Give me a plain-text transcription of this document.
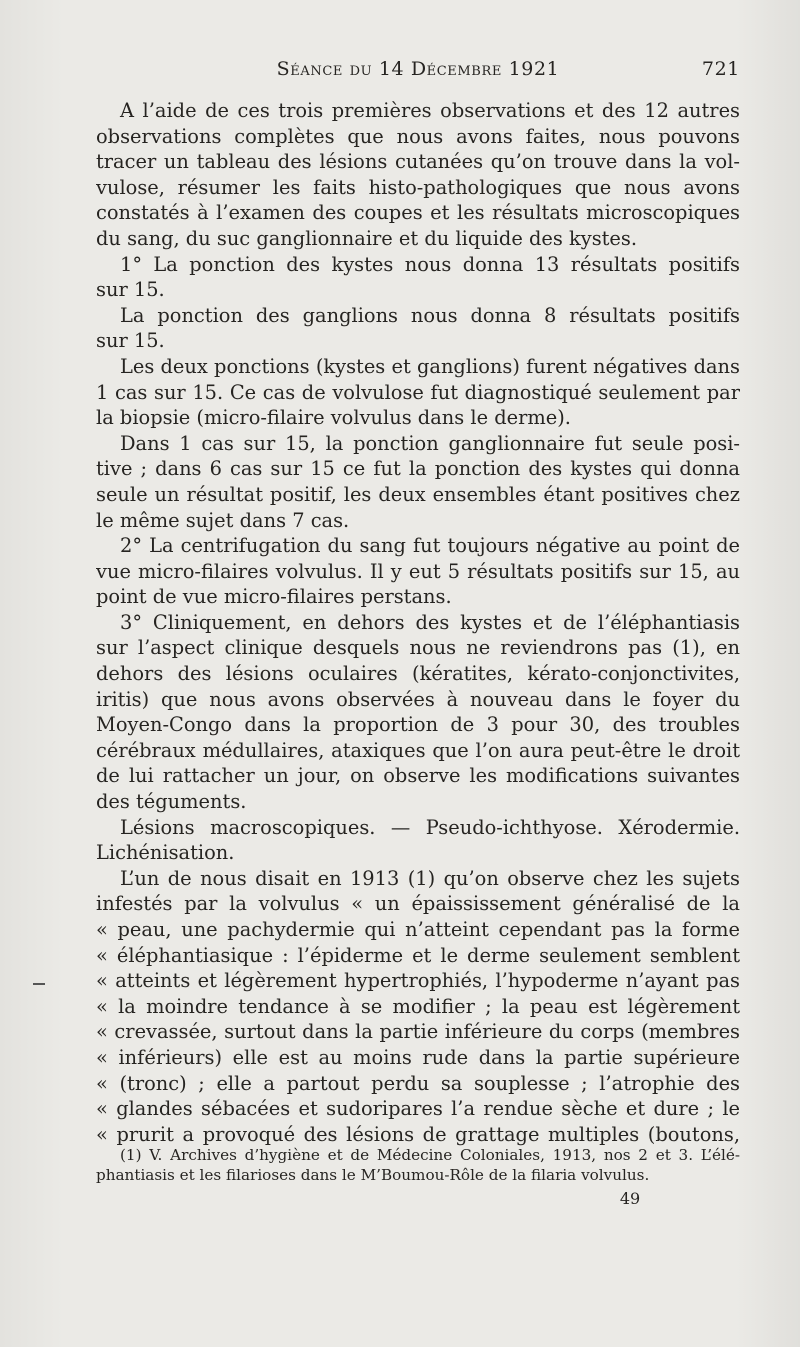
Séance du 14 Décembre 1921	721
A l’aide de ces trois premières observations et des 12 autres
observations complètes que nous avons faites, nous pouvons
tracer un tableau des lésions cutanées qu’on trouve dans la vol-
vulose, résumer les faits histo-pathologiques que nous avons
constatés à l’examen des coupes et les résultats microscopiques
du sang, du suc ganglionnaire et du liquide des kystes.
1° La ponction des kystes nous donna 13 résultats positifs
sur 15.
La ponction des ganglions nous donna 8 résultats positifs
sur 15.
Les deux ponctions (kystes et ganglions) furent négatives dans
1 cas sur 15. Ce cas de volvulose fut diagnostiqué seulement par
la biopsie (micro-filaire volvulus dans le derme).
Dans 1 cas sur 15, la ponction ganglionnaire fut seule posi-
tive ; dans 6 cas sur 15 ce fut la ponction des kystes qui donna
seule un résultat positif, les deux ensembles étant positives chez
le même sujet dans 7 cas.
2° La centrifugation du sang fut toujours négative au point de
vue micro-filaires volvulus. Il y eut 5 résultats positifs sur 15, au
point de vue micro-filaires perstans.
3° Cliniquement, en dehors des kystes et de l’éléphantiasis
sur l’aspect clinique desquels nous ne reviendrons pas (1), en
dehors des lésions oculaires (kératites, kérato-conjonctivites,
iritis) que nous avons observées à nouveau dans le foyer du
Moyen-Congo dans la proportion de 3 pour 30, des troubles
cérébraux médullaires, ataxiques que l’on aura peut-être le droit
de lui rattacher un jour, on observe les modifications suivantes
des téguments.
Lésions macroscopiques. — Pseudo-ichthyose. Xérodermie.
Lichénisation.
L’un de nous disait en 1913 (1) qu’on observe chez les sujets
infestés par la volvulus « un épaississement généralisé de la
« peau, une pachydermie qui n’atteint cependant pas la forme
« éléphantiasique : l’épiderme et le derme seulement semblent
« atteints et légèrement hypertrophiés, l’hypoderme n’ayant pas
« la moindre tendance à se modifier ; la peau est légèrement
« crevassée, surtout dans la partie inférieure du corps (membres
« inférieurs) elle est au moins rude dans la partie supérieure
« (tronc) ; elle a partout perdu sa souplesse ; l’atrophie des
« glandes sébacées et sudoripares l’a rendue sèche et dure ; le
« prurit a provoqué des lésions de grattage multiples (boutons,
(1) V. Archives d’hygiène et de Médecine Coloniales, 1913, nos 2 et 3. L’élé-
phantiasis et les filarioses dans le M’Boumou-Rôle de la filaria volvulus.
49
